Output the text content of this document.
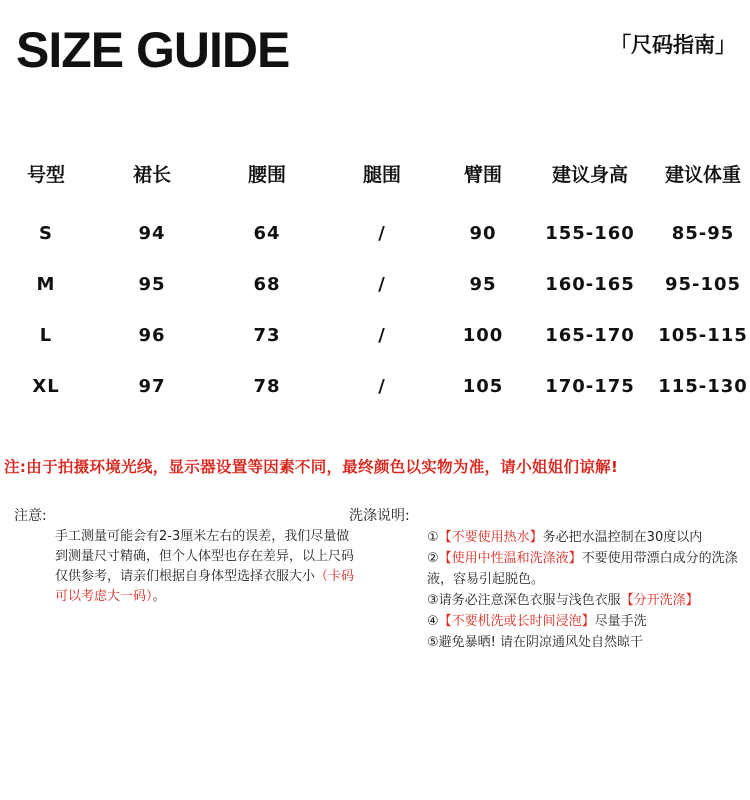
SIZE GUIDE	「尺码指南」
号型	裙长	腰围	腿围	臂围	建议身高 建议体重
S	94	64	/	90	155-160 85-95
M	95	68	/	95	160-165 95-105
L	96	73	/	100 165-170 105-115
XL	97	78	/	105 170-175 115-130
注:由于拍摄环境光线，显示器设置等因素不同，最终颜色以实物为准，请小姐姐们谅解!
注意:
手工测量可能会有2-3厘米左右的误差，我们尽量做到测量尺寸精确，但个人体型也存在差异，以上尺码仅供参考，请亲们根据自身体型选择衣服大小（卡码可以考虑大一码）。
洗涤说明:
①【不要使用热水】务必把水温控制在30度以内
②【使用中性温和洗涤液】不要使用带漂白成分的洗涤液，容易引起脱色。
③请务必注意深色衣服与浅色衣服【分开洗涤】
④【不要机洗或长时间浸泡】尽量手洗
⑤避免暴晒! 请在阴凉通风处自然晾干
